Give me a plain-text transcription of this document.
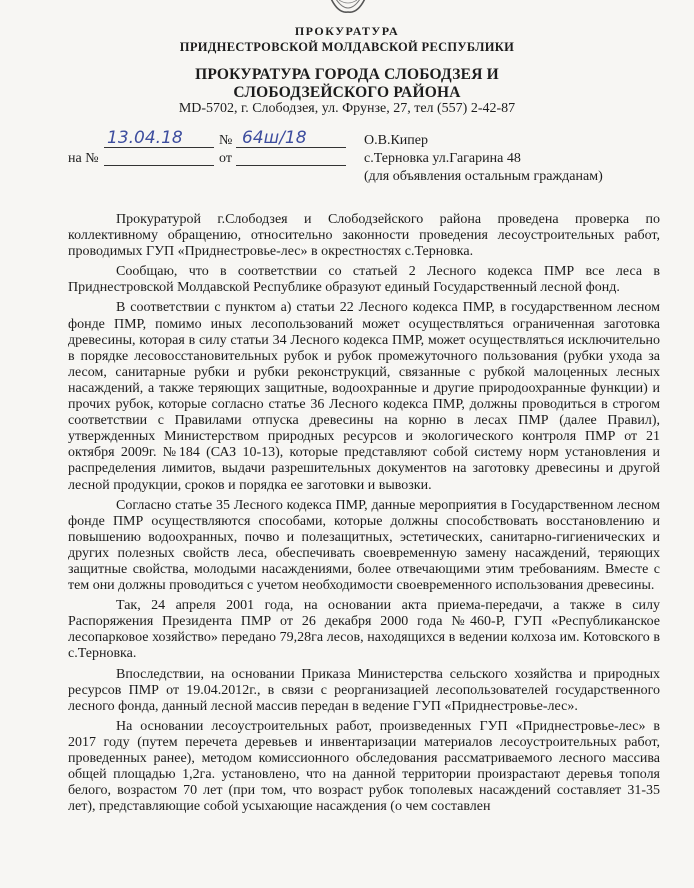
ПРОКУРАТУРА
ПРИДНЕСТРОВСКОЙ МОЛДАВСКОЙ РЕСПУБЛИКИ
ПРОКУРАТУРА ГОРОДА СЛОБОДЗЕЯ И
СЛОБОДЗЕЙСКОГО РАЙОНА
MD-5702, г. Слободзея, ул. Фрунзе, 27, тел (557) 2-42-87
13.04.18	№ 64ш/18
на №	от
О.В.Кипер
с.Терновка ул.Гагарина 48
(для объявления остальным гражданам)

Прокуратурой г.Слободзея и Слободзейского района проведена проверка по коллективному обращению, относительно законности проведения лесоустроительных работ, проводимых ГУП «Приднестровье-лес» в окрестностях с.Терновка.

Сообщаю, что в соответствии со статьей 2 Лесного кодекса ПМР все леса в Приднестровской Молдавской Республике образуют единый Государственный лесной фонд.

В соответствии с пунктом а) статьи 22 Лесного кодекса ПМР, в государственном лесном фонде ПМР, помимо иных лесопользований может осуществляться ограниченная заготовка древесины, которая в силу статьи 34 Лесного кодекса ПМР, может осуществляться исключительно в порядке лесовосстановительных рубок и рубок промежуточного пользования (рубки ухода за лесом, санитарные рубки и рубки реконструкций, связанные с рубкой малоценных лесных насаждений, а также теряющих защитные, водоохранные и другие природоохранные функции) и прочих рубок, которые согласно статье 36 Лесного кодекса ПМР, должны проводиться в строгом соответствии с Правилами отпуска древесины на корню в лесах ПМР (далее Правил), утвержденных Министерством природных ресурсов и экологического контроля ПМР от 21 октября 2009г. №184 (САЗ 10-13), которые представляют собой систему норм установления и распределения лимитов, выдачи разрешительных документов на заготовку древесины и другой лесной продукции, сроков и порядка ее заготовки и вывозки.

Согласно статье 35 Лесного кодекса ПМР, данные мероприятия в Государственном лесном фонде ПМР осуществляются способами, которые должны способствовать восстановлению и повышению водоохранных, почво и полезащитных, эстетических, санитарно-гигиенических и других полезных свойств леса, обеспечивать своевременную замену насаждений, теряющих защитные свойства, молодыми насаждениями, более отвечающими этим требованиям. Вместе с тем они должны проводиться с учетом необходимости своевременного использования древесины.

Так, 24 апреля 2001 года, на основании акта приема-передачи, а также в силу Распоряжения Президента ПМР от 26 декабря 2000 года №460-Р, ГУП «Республиканское лесопарковое хозяйство» передано 79,28га лесов, находящихся в ведении колхоза им. Котовского в с.Терновка.

Впоследствии, на основании Приказа Министерства сельского хозяйства и природных ресурсов ПМР от 19.04.2012г., в связи с реорганизацией лесопользователей государственного лесного фонда, данный лесной массив передан в ведение ГУП «Приднестровье-лес».

На основании лесоустроительных работ, произведенных ГУП «Приднестровье-лес» в 2017 году (путем перечета деревьев и инвентаризации материалов лесоустроительных работ, проведенных ранее), методом комиссионного обследования рассматриваемого лесного массива общей площадью 1,2га. установлено, что на данной территории произрастают деревья тополя белого, возрастом 70 лет (при том, что возраст рубок тополевых насаждений составляет 31-35 лет), представляющие собой усыхающие насаждения (о чем составлен
